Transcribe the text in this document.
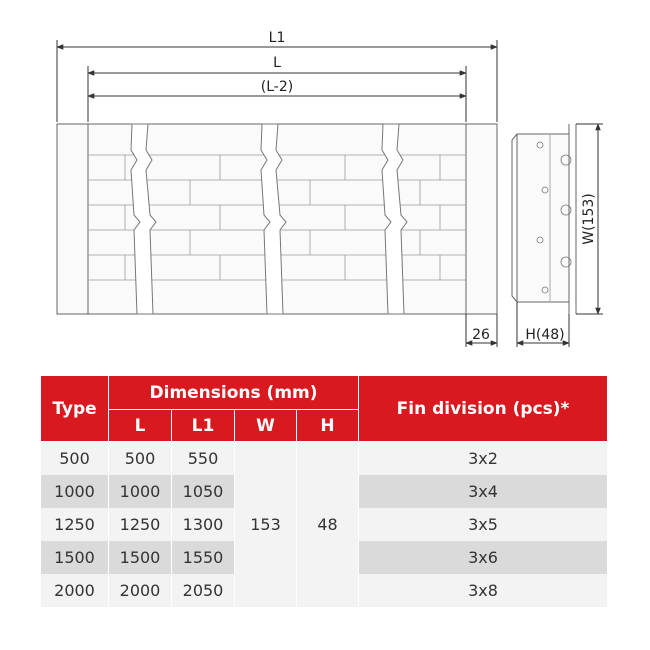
L1
L
(L-2)
W(153)
26	H(48)
Type	Dimensions (mm)				Fin division (pcs)*
	L	L1	W	H	
500	500	550	153	48	3x2
1000	1000	1050			3x4
1250	1250	1300			3x5
1500	1500	1550			3x6
2000	2000	2050			3x8
